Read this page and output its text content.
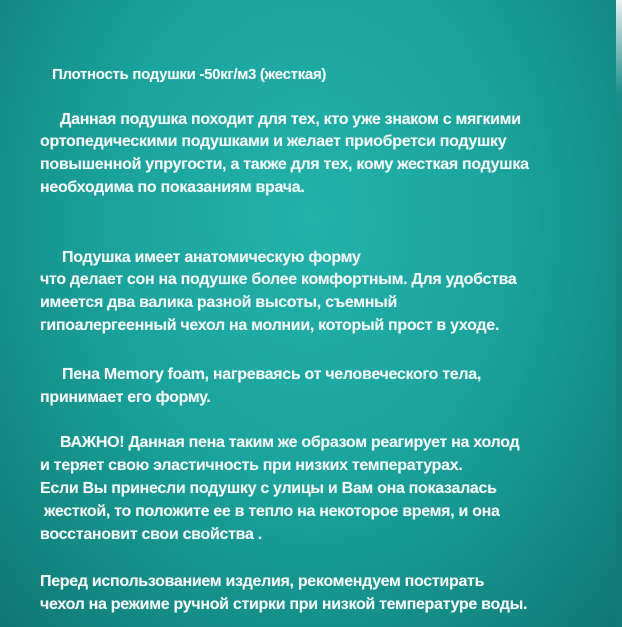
Плотность подушки -50кг/м3 (жесткая)
Данная подушка походит для тех, кто уже знаком с мягкими
ортопедическими подушками и желает приобретси подушку
повышенной упругости, а также для тех, кому жесткая подушка
необходима по показаниям врача.
Подушка имеет анатомическую форму
что делает сон на подушке более комфортным. Для удобства
имеется два валика разной высоты, съемный
гипоалергеенный чехол на молнии, который прост в уходе.
Пена Memory foam, нагреваясь от человеческого тела,
принимает его форму.
ВАЖНО! Данная пена таким же образом реагирует на холод
и теряет свою эластичность при низких температурах.
Если Вы принесли подушку с улицы и Вам она показалась
жесткой, то положите ее в тепло на некоторое время, и она
восстановит свои свойства .
Перед использованием изделия, рекомендуем постирать
чехол на режиме ручной стирки при низкой температуре воды.
